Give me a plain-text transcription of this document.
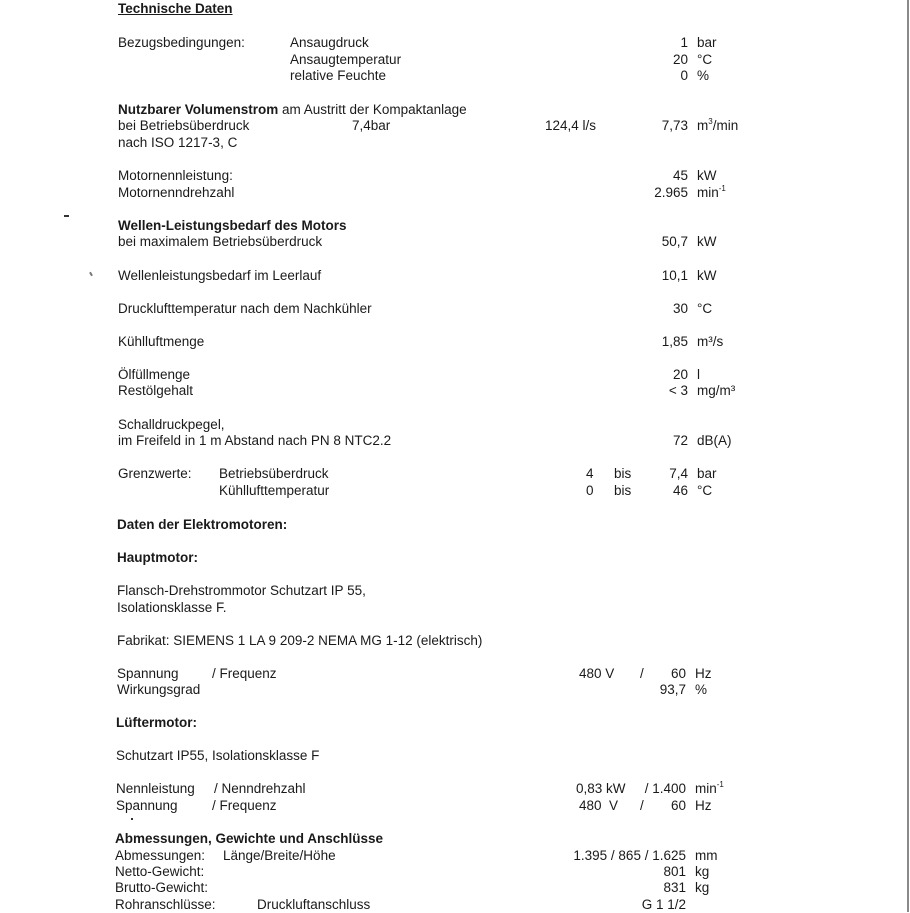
Technische Daten
Bezugsbedingungen:	Ansaugdruck	1 bar
Ansaugtemperatur	20 °C
relative Feuchte	0 %
Nutzbarer Volumenstrom am Austritt der Kompaktanlage
bei Betriebsüberdruck	7,4bar	124,4 l/s	7,73 $m^3/\min$
nach ISO 1217-3, C
Motornennleistung:	45 kW
Motornenndrehzahl	2.965 $\min^{-1}$
Wellen-Leistungsbedarf des Motors
bei maximalem Betriebsüberdruck	50,7 kW
Wellenleistungsbedarf im Leerlauf	10,1 kW
Drucklufttemperatur nach dem Nachkühler	30 °C
Kühlluftmenge	1,85 m³/s
Ölfüllmenge	20 l
Restölgehalt	< 3 mg/m³
Schalldruckpegel,
im Freifeld in 1 m Abstand nach PN 8 NTC2.2	72 dB(A)
Grenzwerte: Betriebsüberdruck	4 bis	7,4 bar
Kühllufttemperatur	0 bis	46 °C
Daten der Elektromotoren:
Hauptmotor:
Flansch-Drehstrommotor Schutzart IP 55,
Isolationsklasse F.
Fabrikat: SIEMENS 1 LA 9 209-2 NEMA MG 1-12 (elektrisch)
Spannung / Frequenz	480 V /	60 Hz
Wirkungsgrad	93,7 %
Lüftermotor:
Schutzart IP55, Isolationsklasse F
Nennleistung / Nenndrehzahl	0,83 kW	/ 1.400 $\min^{-1}$
Spannung	/ Frequenz	480  V /	60 Hz
Abmessungen, Gewichte und Anschlüsse
Abmessungen: Länge/Breite/Höhe	1.395 / 865 / 1.625 mm
Netto-Gewicht:	801 kg
Brutto-Gewicht:	831 kg
Rohranschlüsse:	Druckluftanschluss	G 1 1/2
